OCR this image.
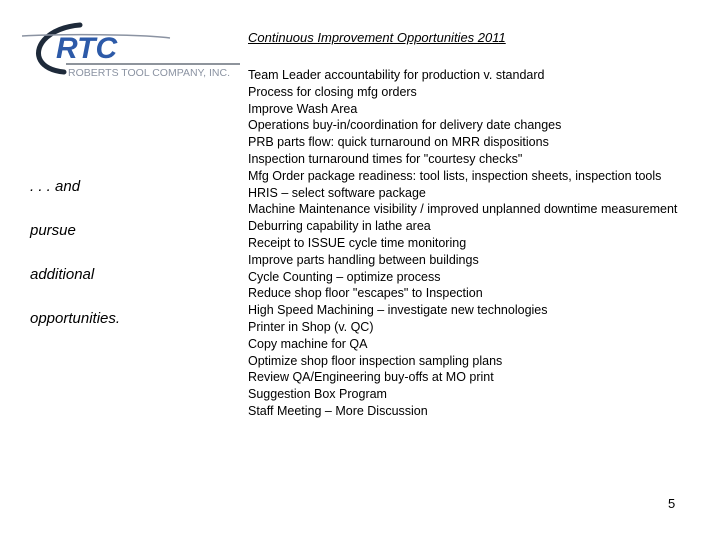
RTC
ROBERTS TOOL COMPANY, INC.
Continuous Improvement Opportunities 2011
. . . and
pursue
additional
opportunities.
Team Leader accountability for production v. standard
Process for closing mfg orders
Improve Wash Area
Operations buy-in/coordination for delivery date changes
PRB parts flow: quick turnaround on MRR dispositions
Inspection turnaround times for "courtesy checks"
Mfg Order package readiness: tool lists, inspection sheets, inspection tools
HRIS – select software package
Machine Maintenance visibility / improved unplanned downtime measurement
Deburring capability in lathe area
Receipt to ISSUE cycle time monitoring
Improve parts handling between buildings
Cycle Counting – optimize process
Reduce shop floor "escapes" to Inspection
High Speed Machining – investigate new technologies
Printer in Shop (v. QC)
Copy machine for QA
Optimize shop floor inspection sampling plans
Review QA/Engineering buy-offs at MO print
Suggestion Box Program
Staff Meeting – More Discussion
5
